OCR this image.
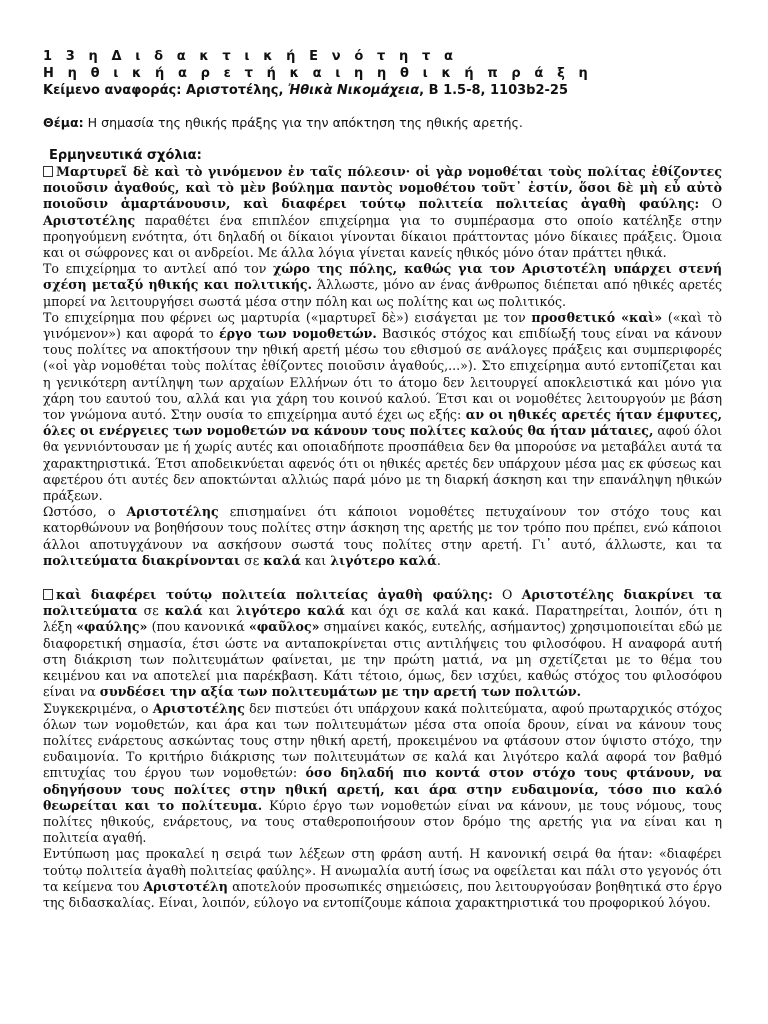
1 3 η Δ ι δ α κ τ ι κ ή Ε ν ό τ η τ α
Η η θ ι κ ή α ρ ε τ ή κ α ι η η θ ι κ ή π ρ ά ξ η
Κείμενο αναφοράς: Αριστοτέλης, Ἠθικὰ Νικομάχεια, Β 1.5-8, 1103b2-25
Θέμα: Η σημασία της ηθικής πράξης για την απόκτηση της ηθικής αρετής.
Ερμηνευτικά σχόλια:

Μαρτυρεῖ δὲ καὶ τὸ γινόμενον ἐν ταῖς πόλεσιν· οἱ γὰρ νομοθέται τοὺς πολίτας ἐθίζοντες ποιοῦσιν ἀγαθούς, καὶ τὸ μὲν βούλημα παντὸς νομοθέτου τοῦτ᾽ ἐστίν, ὅσοι δὲ μὴ εὖ αὐτὸ ποιοῦσιν ἁμαρτάνουσιν, καὶ διαφέρει τούτῳ πολιτεία πολιτείας ἀγαθὴ φαύλης: Ο Αριστοτέλης παραθέτει ένα επιπλέον επιχείρημα για το συμπέρασμα στο οποίο κατέληξε στην προηγούμενη ενότητα, ότι δηλαδή οι δίκαιοι γίνονται δίκαιοι πράττοντας μόνο δίκαιες πράξεις. Όμοια και οι σώφρονες και οι ανδρείοι. Με άλλα λόγια γίνεται κανείς ηθικός μόνο όταν πράττει ηθικά.

Το επιχείρημα το αντλεί από τον χώρο της πόλης, καθώς για τον Αριστοτέλη υπάρχει στενή σχέση μεταξύ ηθικής και πολιτικής. Άλλωστε, μόνο αν ένας άνθρωπος διέπεται από ηθικές αρετές μπορεί να λειτουργήσει σωστά μέσα στην πόλη και ως πολίτης και ως πολιτικός.

Το επιχείρημα που φέρνει ως μαρτυρία («μαρτυρεῖ δὲ») εισάγεται με τον προσθετικό «καὶ» («καὶ τὸ γινόμενον») και αφορά το έργο των νομοθετών. Βασικός στόχος και επιδίωξή τους είναι να κάνουν τους πολίτες να αποκτήσουν την ηθική αρετή μέσω του εθισμού σε ανάλογες πράξεις και συμπεριφορές («οἱ γὰρ νομοθέται τοὺς πολίτας ἐθίζοντες ποιοῦσιν ἀγαθούς,...»). Στο επιχείρημα αυτό εντοπίζεται και η γενικότερη αντίληψη των αρχαίων Ελλήνων ότι το άτομο δεν λειτουργεί αποκλειστικά και μόνο για χάρη του εαυτού του, αλλά και για χάρη του κοινού καλού. Έτσι και οι νομοθέτες λειτουργούν με βάση τον γνώμονα αυτό. Στην ουσία το επιχείρημα αυτό έχει ως εξής: αν οι ηθικές αρετές ήταν έμφυτες, όλες οι ενέργειες των νομοθετών να κάνουν τους πολίτες καλούς θα ήταν μάταιες, αφού όλοι θα γεννιόντουσαν με ή χωρίς αυτές και οποιαδήποτε προσπάθεια δεν θα μπορούσε να μεταβάλει αυτά τα χαρακτηριστικά. Έτσι αποδεικνύεται αφενός ότι οι ηθικές αρετές δεν υπάρχουν μέσα μας εκ φύσεως και αφετέρου ότι αυτές δεν αποκτώνται αλλιώς παρά μόνο με τη διαρκή άσκηση και την επανάληψη ηθικών πράξεων.

Ωστόσο, ο Αριστοτέλης επισημαίνει ότι κάποιοι νομοθέτες πετυχαίνουν τον στόχο τους και κατορθώνουν να βοηθήσουν τους πολίτες στην άσκηση της αρετής με τον τρόπο που πρέπει, ενώ κάποιοι άλλοι αποτυγχάνουν να ασκήσουν σωστά τους πολίτες στην αρετή. Γι᾽ αυτό, άλλωστε, και τα πολιτεύματα διακρίνονται σε καλά και λιγότερο καλά.

καὶ διαφέρει τούτῳ πολιτεία πολιτείας ἀγαθὴ φαύλης: Ο Αριστοτέλης διακρίνει τα πολιτεύματα σε καλά και λιγότερο καλά και όχι σε καλά και κακά. Παρατηρείται, λοιπόν, ότι η λέξη «φαύλης» (που κανονικά «φαῦλος» σημαίνει κακός, ευτελής, ασήμαντος) χρησιμοποιείται εδώ με διαφορετική σημασία, έτσι ώστε να ανταποκρίνεται στις αντιλήψεις του φιλοσόφου. Η αναφορά αυτή στη διάκριση των πολιτευμάτων φαίνεται, με την πρώτη ματιά, να μη σχετίζεται με το θέμα του κειμένου και να αποτελεί μια παρέκβαση. Κάτι τέτοιο, όμως, δεν ισχύει, καθώς στόχος του φιλοσόφου είναι να συνδέσει την αξία των πολιτευμάτων με την αρετή των πολιτών.

Συγκεκριμένα, ο Αριστοτέλης δεν πιστεύει ότι υπάρχουν κακά πολιτεύματα, αφού πρωταρχικός στόχος όλων των νομοθετών, και άρα και των πολιτευμάτων μέσα στα οποία δρουν, είναι να κάνουν τους πολίτες ενάρετους ασκώντας τους στην ηθική αρετή, προκειμένου να φτάσουν στον ύψιστο στόχο, την ευδαιμονία. Το κριτήριο διάκρισης των πολιτευμάτων σε καλά και λιγότερο καλά αφορά τον βαθμό επιτυχίας του έργου των νομοθετών: όσο δηλαδή πιο κοντά στον στόχο τους φτάνουν, να οδηγήσουν τους πολίτες στην ηθική αρετή, και άρα στην ευδαιμονία, τόσο πιο καλό θεωρείται και το πολίτευμα. Κύριο έργο των νομοθετών είναι να κάνουν, με τους νόμους, τους πολίτες ηθικούς, ενάρετους, να τους σταθεροποιήσουν στον δρόμο της αρετής για να είναι και η πολιτεία αγαθή.

Εντύπωση μας προκαλεί η σειρά των λέξεων στη φράση αυτή. Η κανονική σειρά θα ήταν: «διαφέρει τούτῳ πολιτεία ἀγαθὴ πολιτείας φαύλης». Η ανωμαλία αυτή ίσως να οφείλεται και πάλι στο γεγονός ότι τα κείμενα του Αριστοτέλη αποτελούν προσωπικές σημειώσεις, που λειτουργούσαν βοηθητικά στο έργο της διδασκαλίας. Είναι, λοιπόν, εύλογο να εντοπίζουμε κάποια χαρακτηριστικά του προφορικού λόγου.
